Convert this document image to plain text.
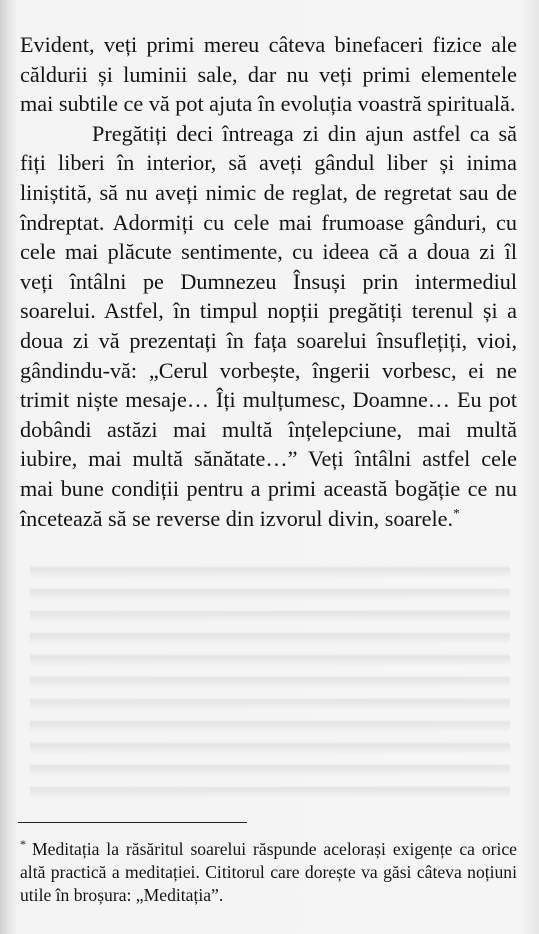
Evident, veți primi mereu câteva binefaceri fizice ale căldurii și luminii sale, dar nu veți primi elementele mai subtile ce vă pot ajuta în evoluția voastră spirituală.

Pregătiți deci întreaga zi din ajun astfel ca să fiți liberi în interior, să aveți gândul liber și inima liniștită, să nu aveți nimic de reglat, de regretat sau de îndreptat. Adormiți cu cele mai frumoase gânduri, cu cele mai plăcute sentimente, cu ideea că a doua zi îl veți întâlni pe Dumnezeu Însuși prin intermediul soarelui. Astfel, în timpul nopții pregătiți terenul și a doua zi vă prezentați în fața soarelui însuflețiți, vioi, gândindu-vă: „Cerul vorbește, îngerii vorbesc, ei ne trimit niște mesaje… Îți mulțumesc, Doamne… Eu pot dobândi astăzi mai multă înțelepciune, mai multă iubire, mai multă sănătate…” Veți întâlni astfel cele mai bune condiții pentru a primi această bogăție ce nu încetează să se reverse din izvorul divin, soarele.*

* Meditația la răsăritul soarelui răspunde acelorași exigențe ca orice altă practică a meditației. Cititorul care dorește va găsi câteva noțiuni utile în broșura: „Meditația”.
